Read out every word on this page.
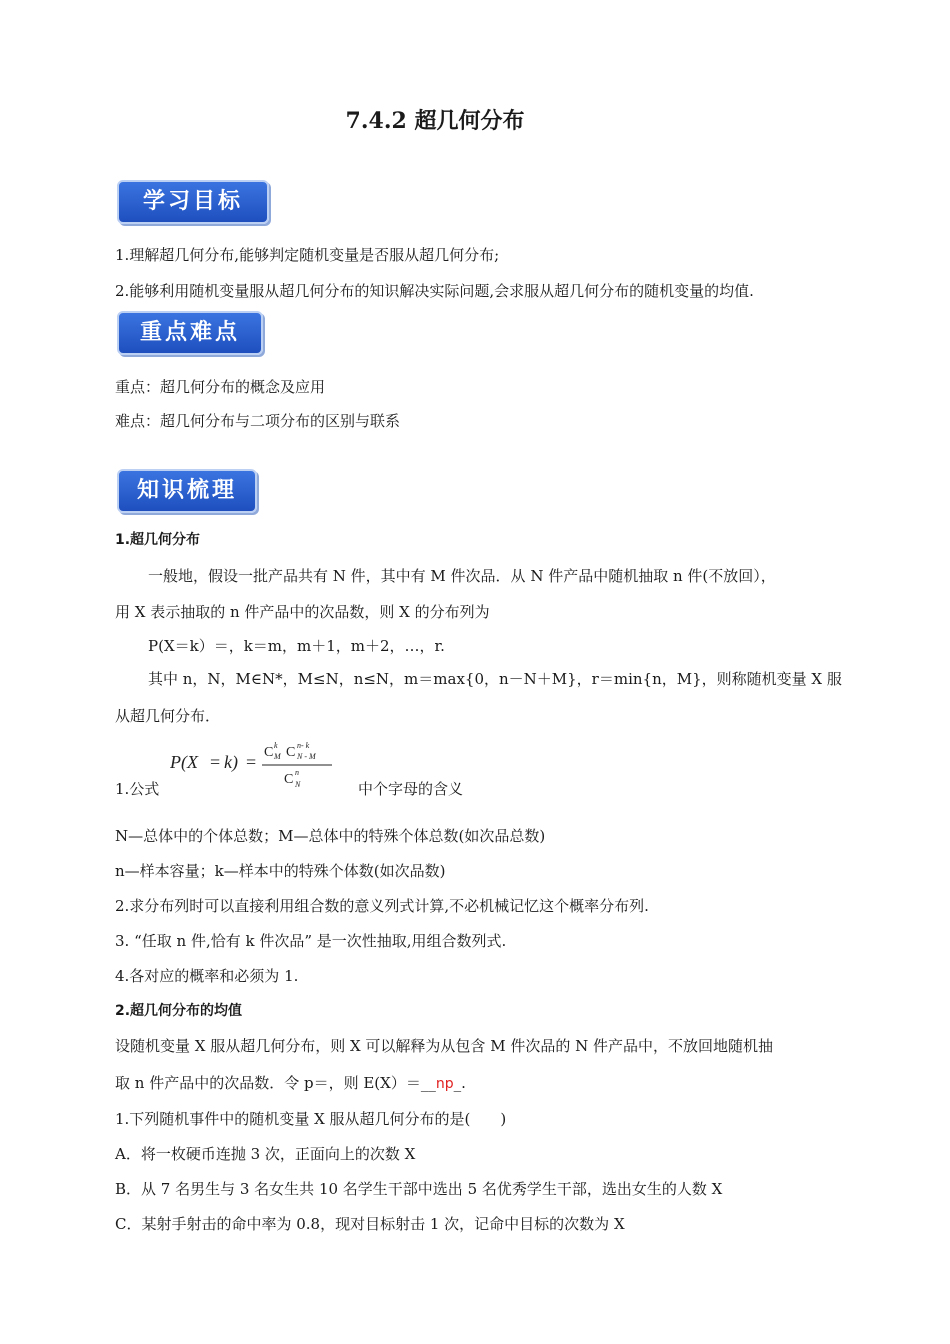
7.4.2 超几何分布
学习目标
1.理解超几何分布,能够判定随机变量是否服从超几何分布;
2.能够利用随机变量服从超几何分布的知识解决实际问题,会求服从超几何分布的随机变量的均值.
重点难点
重点：超几何分布的概念及应用
难点：超几何分布与二项分布的区别与联系
知识梳理
1.超几何分布
一般地，假设一批产品共有 N 件，其中有 M 件次品．从 N 件产品中随机抽取 n 件(不放回），
用 X 表示抽取的 n 件产品中的次品数，则 X 的分布列为
P(X＝k）＝，k＝m，m＋1，m＋2，…，r.
其中 n，N，M∈N*，M≤N，n≤N，m＝max{0，n－N＋M}，r＝min{n，M}，则称随机变量 X 服
从超几何分布．
P(X = k) = C k
M C n- k
N - M
C n
N
1.公式	中个字母的含义
N—总体中的个体总数；M—总体中的特殊个体总数(如次品总数)
n—样本容量；k—样本中的特殊个体数(如次品数)
2.求分布列时可以直接利用组合数的意义列式计算,不必机械记忆这个概率分布列.
3. “任取 n 件,恰有 k 件次品” 是一次性抽取,用组合数列式.
4.各对应的概率和必须为 1.
2.超几何分布的均值
设随机变量 X 服从超几何分布，则 X 可以解释为从包含 M 件次品的 N 件产品中，不放回地随机抽
取 n 件产品中的次品数．令 p＝，则 E(X）＝__np_.
1.下列随机事件中的随机变量 X 服从超几何分布的是(　　)
A．将一枚硬币连抛 3 次，正面向上的次数 X
B．从 7 名男生与 3 名女生共 10 名学生干部中选出 5 名优秀学生干部，选出女生的人数 X
C．某射手射击的命中率为 0.8，现对目标射击 1 次，记命中目标的次数为 X
